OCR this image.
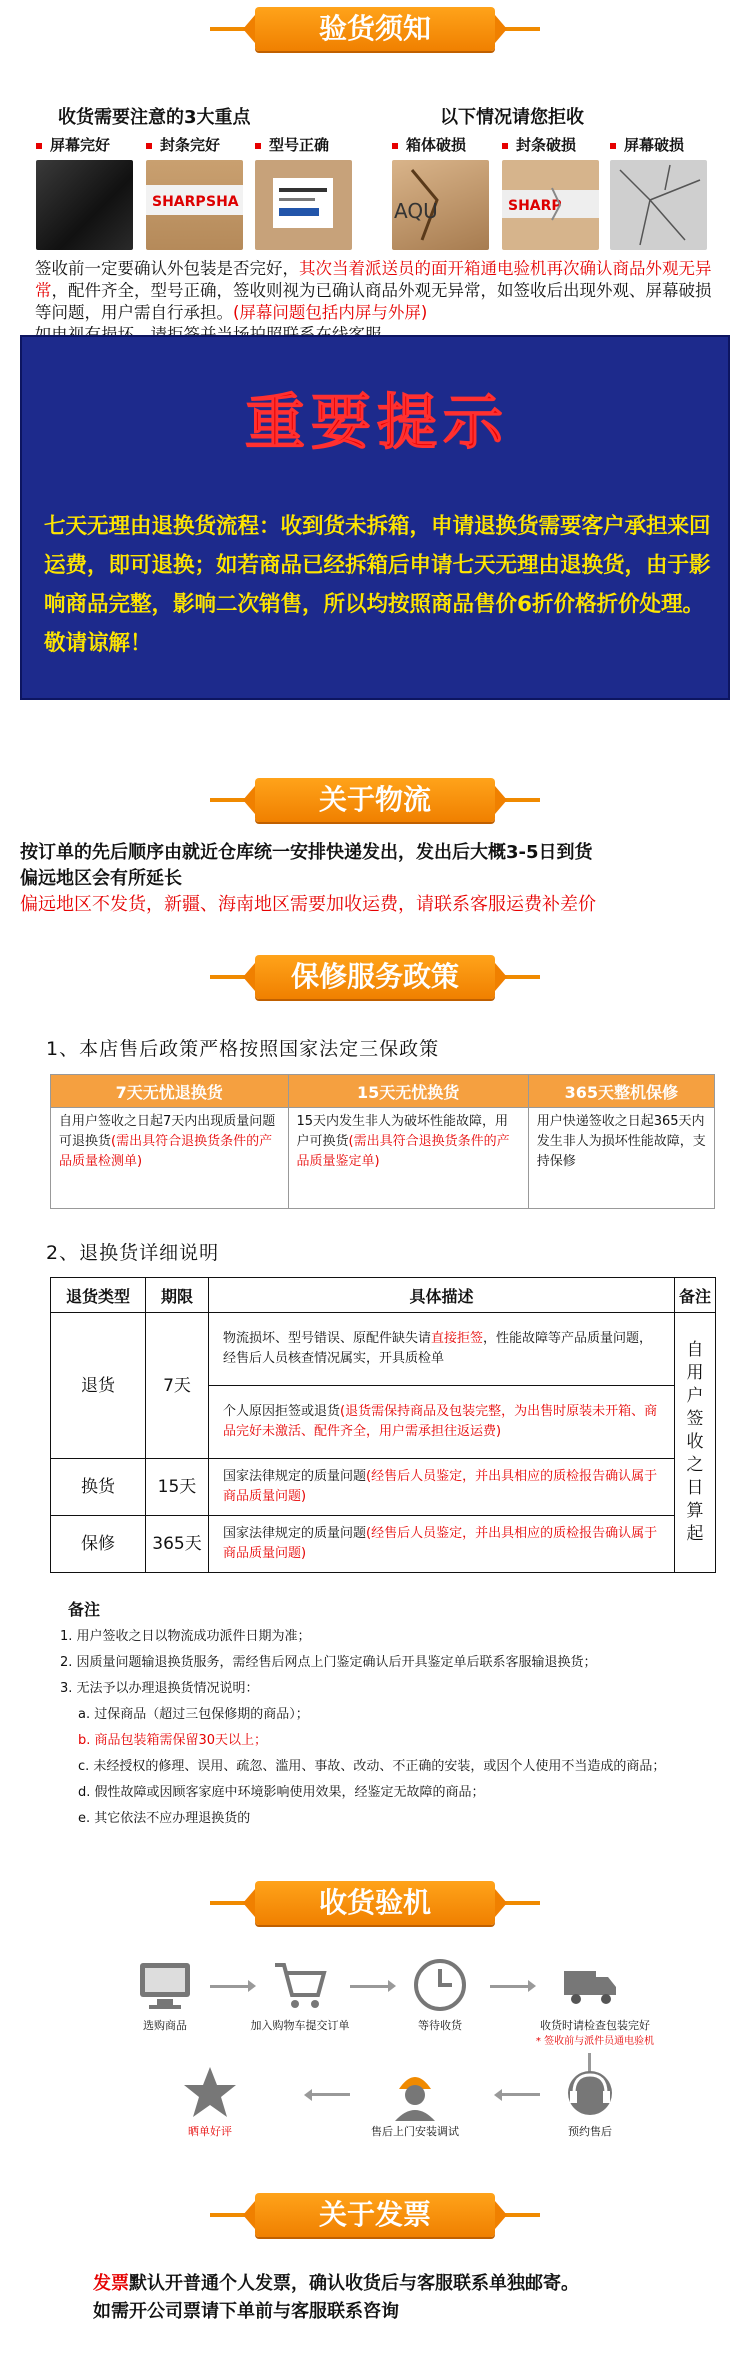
验货须知
收货需要注意的3大重点	以下情况请您拒收
屏幕完好	封条完好	型号正确	箱体破损	封条破损	屏幕破损
SHARP SHA	AQU	SHARP
签收前一定要确认外包装是否完好，其次当着派送员的面开箱通电验机再次确认商品外观无异常，配件齐全，型号正确，签收则视为已确认商品外观无异常，如签收后出现外观、屏幕破损等问题，用户需自行承担。(屏幕问题包括内屏与外屏)

重要提示
七天无理由退换货流程：收到货未拆箱，申请退换货需要客户承担来回运费，即可退换；如若商品已经拆箱后申请七天无理由退换货，由于影响商品完整，影响二次销售，所以均按照商品售价6折价格折价处理。敬请谅解！
关于物流
按订单的先后顺序由就近仓库统一安排快递发出，发出后大概3-5日到货
偏远地区会有所延长
偏远地区不发货，新疆、海南地区需要加收运费，请联系客服运费补差价
保修服务政策
1、本店售后政策严格按照国家法定三保政策
7天无忧退换货	15天无忧换货	365天整机保修
自用户签收之日起7天内出现质量问题可退换货(需出具符合退换货条件的产品质量检测单)	15天内发生非人为破坏性能故障，用户可换货(需出具符合退换货条件的产品质量鉴定单)	用户快递签收之日起365天内发生非人为损坏性能故障，支持保修
2、退换货详细说明
退货类型	期限	具体描述	备注
退货	7天	物流损坏、型号错误、原配件缺失请直接拒签，性能故障等产品质量问题，经售后人员核查情况属实，开具质检单	自用户签收之日算起
		个人原因拒签或退货(退货需保持商品及包装完整，为出售时原装未开箱、商品完好未激活、配件齐全，用户需承担往返运费)	
换货	15天	国家法律规定的质量问题(经售后人员鉴定，并出具相应的质检报告确认属于商品质量问题)	
保修	365天	国家法律规定的质量问题(经售后人员鉴定，并出具相应的质检报告确认属于商品质量问题)	
备注
1. 用户签收之日以物流成功派件日期为准；
2. 因质量问题输退换货服务，需经售后网点上门鉴定确认后开具鉴定单后联系客服输退换货；
3. 无法予以办理退换货情况说明：
a. 过保商品（超过三包保修期的商品）；
b. 商品包装箱需保留30天以上；
c. 未经授权的修理、误用、疏忽、滥用、事故、改动、不正确的安装，或因个人使用不当造成的商品；
d. 假性故障或因顾客家庭中环境影响使用效果，经鉴定无故障的商品；
e. 其它依法不应办理退换货的
收货验机
选购商品	加入购物车提交订单	等待收货	收货时请检查包装完好
* 签收前与派件员通电验机
晒单好评	售后上门安装调试	预约售后
关于发票
发票默认开普通个人发票，确认收货后与客服联系单独邮寄。
如需开公司票请下单前与客服联系咨询
